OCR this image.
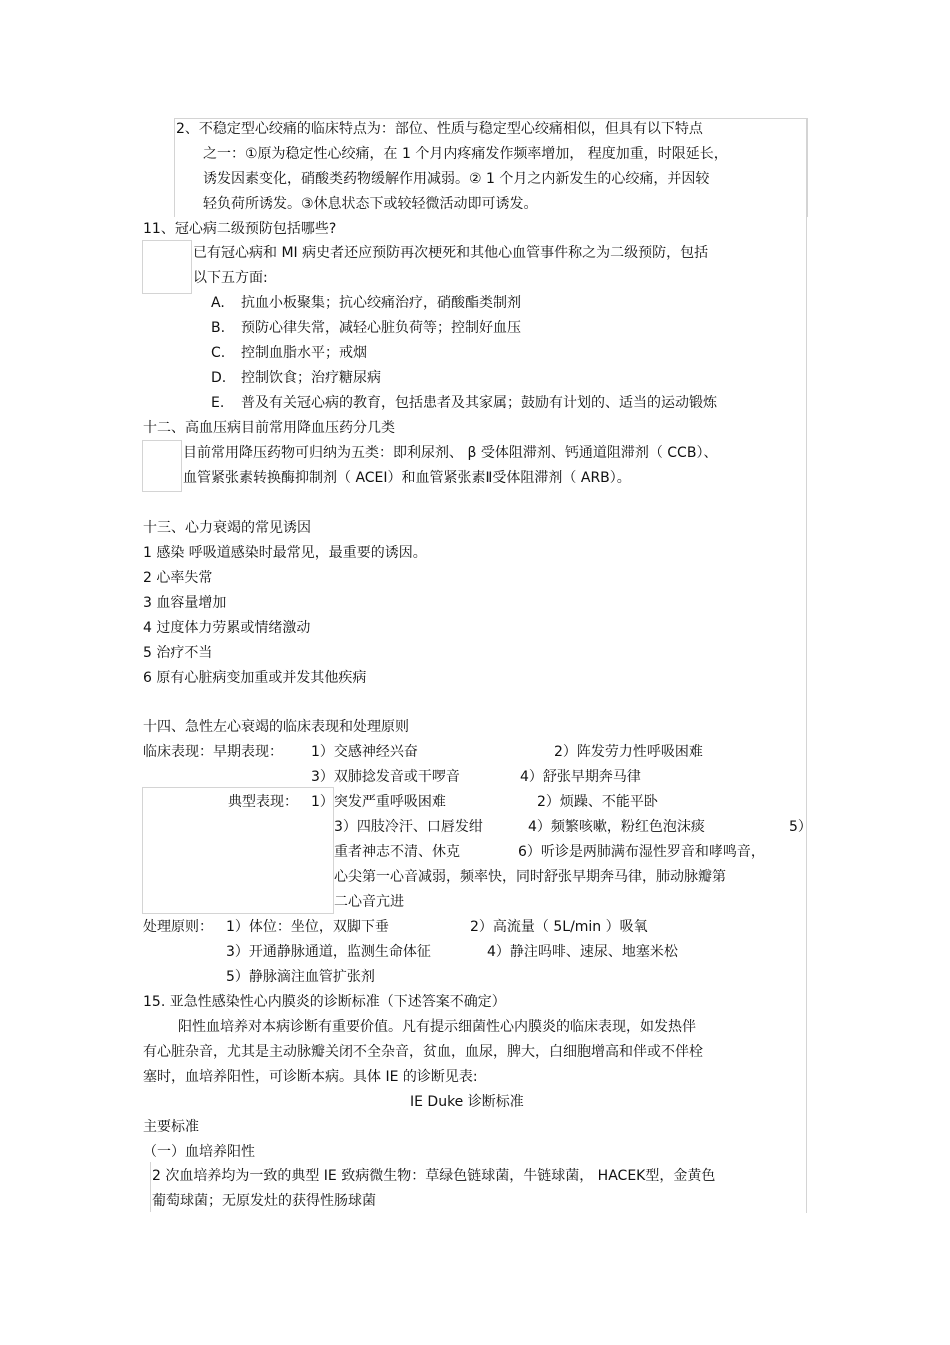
2、不稳定型心绞痛的临床特点为：部位、性质与稳定型心绞痛相似，但具有以下特点
之一：①原为稳定性心绞痛，在 1 个月内疼痛发作频率增加， 程度加重，时限延长，
诱发因素变化，硝酸类药物缓解作用减弱。② 1 个月之内新发生的心绞痛，并因较
轻负荷所诱发。③休息状态下或较轻微活动即可诱发。
11、冠心病二级预防包括哪些?
已有冠心病和 MI 病史者还应预防再次梗死和其他心血管事件称之为二级预防，包括
以下五方面:
A. 抗血小板聚集；抗心绞痛治疗，硝酸酯类制剂
B. 预防心律失常，减轻心脏负荷等；控制好血压
C. 控制血脂水平；戒烟
D. 控制饮食；治疗糖尿病
E. 普及有关冠心病的教育，包括患者及其家属；鼓励有计划的、适当的运动锻炼
十二、高血压病目前常用降血压药分几类
目前常用降压药物可归纳为五类：即利尿剂、 β 受体阻滞剂、钙通道阻滞剂（ CCB）、
血管紧张素转换酶抑制剂（ ACEI）和血管紧张素Ⅱ受体阻滞剂（ ARB）。
十三、心力衰竭的常见诱因
1 感染 呼吸道感染时最常见，最重要的诱因。
2 心率失常
3 血容量增加
4 过度体力劳累或情绪激动
5 治疗不当
6 原有心脏病变加重或并发其他疾病
十四、急性左心衰竭的临床表现和处理原则
临床表现：早期表现： 1）交感神经兴奋	2）阵发劳力性呼吸困难
3）双肺捻发音或干啰音	4）舒张早期奔马律
典型表现： 1）突发严重呼吸困难	2）烦躁、不能平卧
3）四肢冷汗、口唇发绀	4）频繁咳嗽，粉红色泡沫痰	5）
重者神志不清、休克	6）听诊是两肺满布湿性罗音和哮鸣音，
心尖第一心音减弱，频率快，同时舒张早期奔马律，肺动脉瓣第
二心音亢进
处理原则： 1）体位：坐位，双脚下垂	2）高流量（ 5L/min ）吸氧
3）开通静脉通道，监测生命体征	4）静注吗啡、速尿、地塞米松
5）静脉滴注血管扩张剂
15. 亚急性感染性心内膜炎的诊断标准（下述答案不确定）
阳性血培养对本病诊断有重要价值。凡有提示细菌性心内膜炎的临床表现，如发热伴
有心脏杂音，尤其是主动脉瓣关闭不全杂音，贫血，血尿，脾大，白细胞增高和伴或不伴栓
塞时，血培养阳性，可诊断本病。具体 IE 的诊断见表:
IE Duke 诊断标准
主要标准
（一）血培养阳性
2 次血培养均为一致的典型 IE 致病微生物：草绿色链球菌，牛链球菌， HACEK型，金黄色
葡萄球菌；无原发灶的获得性肠球菌
